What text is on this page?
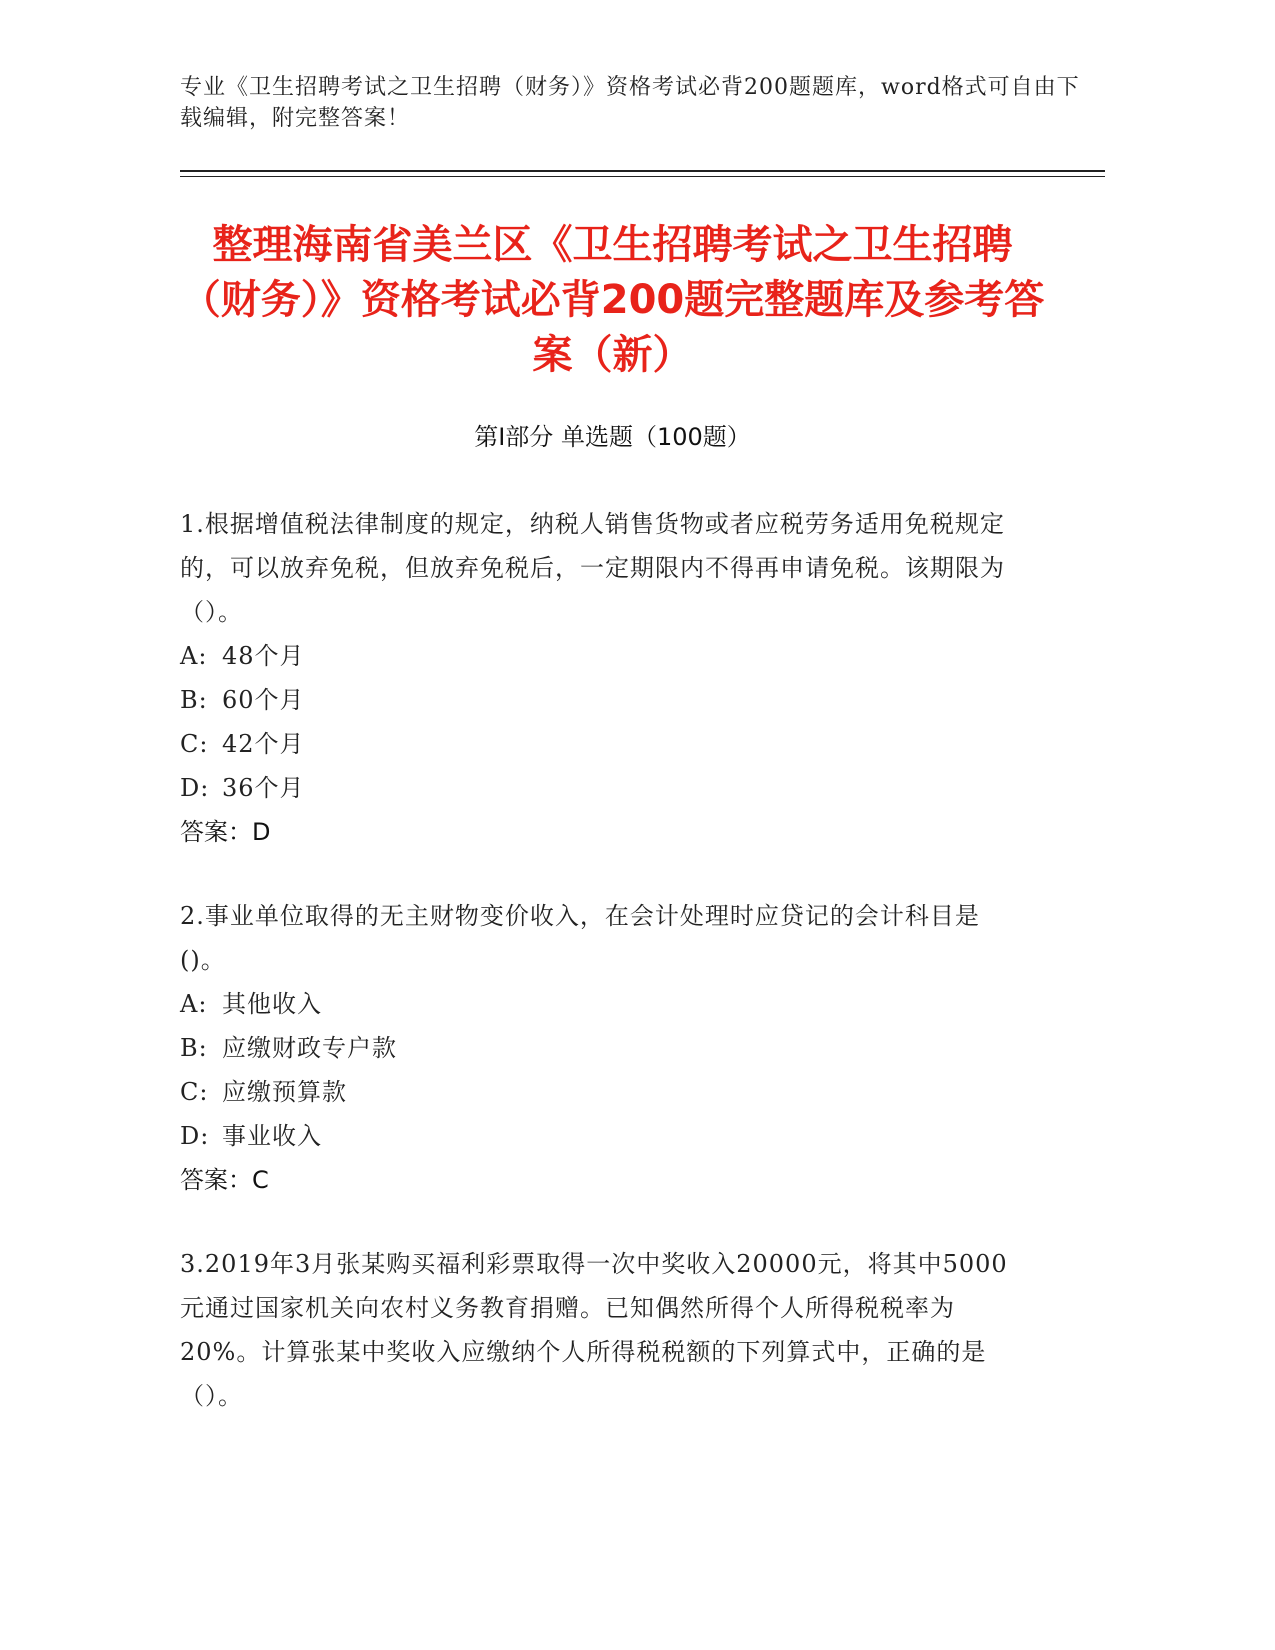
专业《卫生招聘考试之卫生招聘（财务）》资格考试必背200题题库，word格式可自由下载编辑，附完整答案！
整理海南省美兰区《卫生招聘考试之卫生招聘（财务）》资格考试必背200题完整题库及参考答案（新）
第Ⅰ部分 单选题（100题）
1.根据增值税法律制度的规定，纳税人销售货物或者应税劳务适用免税规定的，可以放弃免税，但放弃免税后，一定期限内不得再申请免税。该期限为（）。
A: 48个月
B: 60个月
C: 42个月
D: 36个月
答案：D
2.事业单位取得的无主财物变价收入，在会计处理时应贷记的会计科目是()。
A: 其他收入
B: 应缴财政专户款
C: 应缴预算款
D: 事业收入
答案：C
3.2019年3月张某购买福利彩票取得一次中奖收入20000元，将其中5000元通过国家机关向农村义务教育捐赠。已知偶然所得个人所得税税率为20%。计算张某中奖收入应缴纳个人所得税税额的下列算式中，正确的是（）。
